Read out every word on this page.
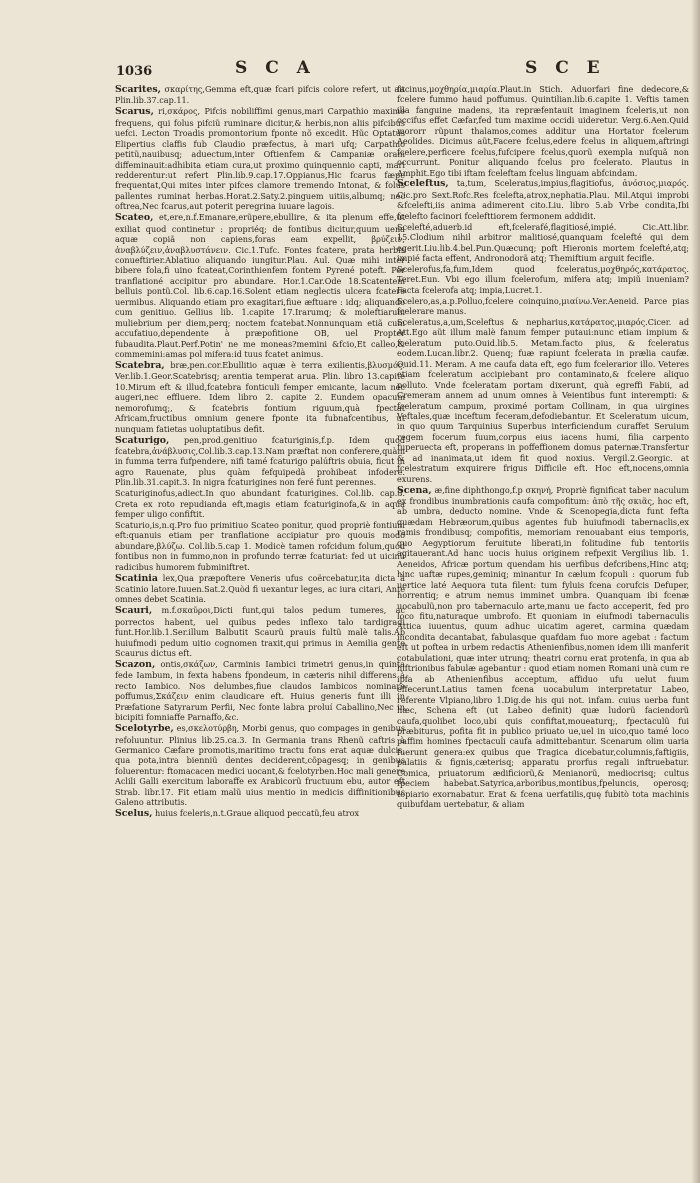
1036	S C A	S C E

Scarites, σκαρίτης,Gemma eft,quæ fcari pifcis colore refert, ut ait Plin.lib.37.cap.11.

Scarus, ri,σκάρος, Pifcis nobiliffimi genus,mari Carpathio maxime frequens, qui folus pifciũ ruminare dicitur,& herbis,non aliis pifcibus uefci. Lecton Troadis promontorium fponte nõ excedit. Hũc Optatus Elipertius claffis fub Claudio præfectus, à mari ufq; Carpathio petitũ,nauibusq; aduectum,inter Oftienfem & Campaniæ oram diffeminauit:adhibita etiam cura,ut proximo quinquennio capti, mari redderentur:ut refert Plin.lib.9.cap.17.Oppianus,Hic fcarus fæpe frequentat,Qui mites inter pifces clamore tremendo Intonat, & folus pallentes ruminat herbas.Horat.2.Saty.2.pinguem uitiis,albumq; nec oftrea,Nec fcarus,aut poterit peregrina iuuare lagois.

Scateo, et,ere,n.f.Emanare,erũpere,ebullire, & ita plenum effe,ut exiliat quod continetur : propriéq; de fontibus dicitur,quum uena aquæ copiã non capiens,foras eam expellit, βρύζειν, ἀναβλύζειν,ἀναβλυστάνειν. Cic.1.Tufc. Fontes fcatere, prata herbis conueftirier.Ablatiuo aliquando iungitur.Plau. Aul. Quæ mihi inter bibere fola,fi uino fcateat,Corinthienfem fontem Pyrené poteft. Per tranflationé accipitur pro abundare. Hor.1.Car.Ode 18.Scatentem belluis pontũ.Col. lib.6.cap.16.Solent etiam neglectis ulcera fcatere uermibus. Aliquando etiam pro exagitari,fiue æftuare : idq; aliquando cum genitiuo. Gellius lib. 1.capite 17.Irarumq; & moleftiarum muliebrium per diem,perq; noctem fcatebat.Nonnunquam etiã cum accufatiuo,dependente à præpofitione OB, uel Propter fubaudita.Plaut.Perf.Potin' ne me moneas?memini &fcio,Et calleo,& commemini:amas pol mifera:id tuus fcatet animus.

Scatebra, bræ,pen.cor.Ebullitio aquæ è terra exilientis,βλυσμός. Ver.lib.1.Geor.Scatebrisq; arentia temperat arua. Plin. libro 13.capite 10.Mirum eft & illud,fcatebra fonticuli femper emicante, lacum nec augeri,nec effluere. Idem libro 2. capite 2. Eundem opacum nemorofumq;, & fcatebris fontium riguum,quà fpectat Africam,fructibus omnium genere fponte ita fubnafcentibus, ut nunquam fatietas uoluptatibus defit.

Scaturigo, pen,prod.genitiuo fcaturiginis,f.p. Idem quod fcatebra,ἀνάβλυσις,Col.lib.3.cap.13.Nam præftat non conferere,quàm in fumma terra fufpendere, nifi tamé fcaturigo palúftris obuia, ficut in agro Rauenate, plus quàm fefquipedà prohibeat infodere. Plin.lib.31.capit.3. In nigra fcaturigines non feré funt perennes.

Scaturiginofus,adiect.In quo abundant fcaturigines. Col.lib. cap.8. Creta ex roto repudianda eft,magis etiam fcaturiginofa,& in aqua femper uligo confiftit.

Scaturio,is,n.q.Pro fuo primitiuo Scateo ponitur, quod propriè fontium eft:quanuis etiam per tranflatione accipiatur pro quouis modo abundare,βλύζω. Col.lib.5.cap 1. Modicè tamen rofcidum folum,quod fontibus non in fummo,non in profundo terræ fcaturiat: fed ut uicinũ radicibus humorem fubminiftret.

Scatinia lex,Qua præpoftere Veneris ufus coërcebatur,ita dicta à Scatinio latore.Iuuen.Sat.2.Quòd fi uexantur leges, ac iura citari, Ante omnes debet Scatinia.

Scauri, m.f.σκαῦροι,Dicti funt,qui talos pedum tumeres, ac porrectos habent, uel quibus pedes inflexo talo tardigradi funt.Hor.lib.1.Ser.illum Balbutit Scaurũ prauis fultũ malè talis.Ab huiufmodi pedum uitio cognomen traxit,qui primus in Aemilia gente Scaurus dictus eft.

Scazon, ontis,σκάζων, Carminis Iambici trimetri genus,in quinta fede Iambum, in fexta habens fpondeum, in cæteris nihil differens à recto Iambico. Nos delumbes,fiue claudos Iambicos nominare poffumus,Σκάζειν enim claudicare eft. Huius generis funt illi in Præfatione Satyrarum Perfii, Nec fonte labra proluí Caballino,Nec in bicipiti fomniaffe Parnaffo,&c.

Scelotyrbe, es,σκελοτύρβη, Morbi genus, quo compages in genibus refoluuntur. Plinius lib.25.ca.3. In Germania trans Rhenũ caftris à Germanico Cæfare promotis,maritimo tractu fons erat aquæ dulcis, qua pota,intra bienniũ dentes deciderent,cõpagesq; in genibus foluerentur: ftomacacen medici uocant,& fcelotyrben.Hoc mali genere Aclili Galli exercitum laboraffe ex Arabicorũ fructuum ebu, autor eft Strab. libr.17. Fit etiam malũ uius mentio in medicis diffinitionibus Galeno attributis.

Scelus, huius fceleris,n.t.Graue aliquod peccatũ,feu atrox

facinus,μοχθηρία,μιαρία.Plaut.in Stich. Aduorfari fine dedecore,& fcelere fummo haud poffumus. Quintilian.lib.6.capite 1. Veftis tamen illa fanguine madens, ita repræfentauit imaginem fceleris,ut non occifus effet Cæfar,fed tum maxime occidi uideretur. Verg.6.Aen.Quid mororr rũpunt thalamos,comes additur una Hortator fcelerum Aeolides. Dicimus aũt,Facere fcelus,edere fcelus in aliquem,aftringi fcelere,perficere fcelus,fufcipere fcelus,quorũ exempla nuſquã non occurrunt. Ponitur aliquando fcelus pro fcelerato. Plautus in Amphit.Ego tibi iftam fceleftam fcelus linguam abfcindam.

Sceleftus, ta,tum, Sceleratus,impius,flagitiofus, ἀνόσιος,μιαρός. Cic.pro Sext.Rofc.Res fcelefta,atrox,nephatia.Plau. Mil.Atqui improbi &fcelefti,iis anima adimerent cito.Liu. libro 5.ab Vrbe condita,Ibi fcelefto facinori fcelefttiorem fermonem addidit.

Scelefté,aduerb.id eft,fcelerafé,flagitiosé,impié. Cic.Att.libr. 15.Clodium nihil arbitror malitiosé,quanquam fcelefté qui dem egerit.Liu.lib.4.bel.Pun.Quæcunq; poft Hieronis mortem fcelefté,atq; impié facta effent, Andronodorã atq; Themiftium arguit fecifle.

Scelerofus,fa,fum,Idem quod fceleratus,μοχθηρός,κατάρατος. Teret.Eun. Vbi ego illum fcelerofum, mifera atq; impiũ inueniam? Facta fcelerofa atq; impia,Lucret.1.

Scelero,as,a.p.Polluo,fcelere coinquino,μιαίνω.Ver.Aeneid. Parce pias fcelerare manus.

Sceleratus,a,um,Sceleftus & nepharius,κατάρατος,μιαρός.Cicer. ad Att.Ego aũt illum malè fanum femper putaui:nunc etiam impium & fceleratum puto.Ouid.lib.5. Metam.facto pius, & fceleratus eodem.Lucan.libr.2. Quenq; fuæ rapiunt fcelerata in prælia caufæ. Ouid.11. Meram. A me caufa data eft, ego fum fcelerarior illo. Veteres etiam fceleratum accipiebant pro contaminato,& fcelere aliquo polluto. Vnde fceleratam portam dixerunt, quà egreffi Fabii, ad Cremeram annem ad unum omnes à Veientibus funt interempti: & fceleratum campum, proximé portam Collinam, in qua uirgines Veftales,quæ inceftum feceram,defodiebantur. Et Sceleratum uicum, in quo quum Tarquinius Superbus interficiendum curaffet Seruium regem focerum fuum,corpus eius iacens humi, filia carpento fuperuecta eft, properans in poffeffionem domus paternæ.Transfertur & ad inanimata,ut idem fit quod noxius. Vergil.2.Georgic. at fcelestratum exquirere frigus Difficile eft. Hoc eft,nocens,omnia exurens.

Scena, æ,fine diphthongo,f.p σκηνή, Propriè fignificat taber naculum ex frondibus inumbrationis caufa compofitum: ἀπὸ τῆς σκιᾶς, hoc eft, ab umbra, deducto nomine. Vnde & Scenopegia,dicta funt fefta quædam Hebræorum,quibus agentes fub huiufmodi tabernaclis,ex ramis frondibusq; compofitis, memoriam renouabant eius temporis, quo Aegyptiorum feruitute liberati,in folitudine fub tentoriis agitauerant.Ad hanc uocis huius originem refpexit Vergilius lib. 1. Aeneidos, Africæ portum quendam his uerfibus defcribens,Hinc atq; hinc uaftæ rupes,geminiq; minantur In cælum fcopuli : quorum fub uertice laté Aequora tuta filent: tum fyluis fcena corufcis Defuper, horrentiq; e atrum nemus imminet umbra. Quanquam ibi fcenæ uocabulũ,non pro tabernaculo arte,manu ue facto acceperit, fed pro loco fitu,naturaque umbrofo. Et quoniam in eiufmodi tabernaculis Attica iuuentus, quum adhuc uicatim ageret, carmina quædam incondita decantabat, fabulasque quafdam fuo more agebat : factum eft ut poftea in urbem redactis Athenienfibus,nomen idem illi manferit cotabulationi, quæ inter utrunq; theatri cornu erat protenfa, in qua ab hiftrionibus fabulæ agebantur : quod etiam nomen Romani unà cum re ipfa ab Athenienfibus acceptum, affiduo ufu uelut fuum effecerunt.Latius tamen fcena uocabulum interpretatur Labeo, referente Vlpiano,libro 1.Dig.de his qui not. infam. cuius uerba funt hæc, Schena eft (ut Labeo definit) quæ ludorũ faciendorũ caufa,quolibet loco,ubi quis confiftat,moueaturq;, fpectaculũ fui præbiturus, pofita fit in publico priuato ue,uel in uico,quo tamé loco paffim homines fpectaculi caufa admittebantur. Scenarum olim uaria fuerunt genera:ex quibus que Tragica dicebatur,columnis,faftigiis, palatiis & fignis,cæterisq; apparatu prorfus regali inftruebatur. Comica, priuatorum ædificiorũ,& Menianorũ, mediocrisq; cultus fpeciem habebat.Satyrica,arboribus,montibus,fpeluncis, operosq; topiario exornabatur. Erat & fcena uerfatilis,quę fubitò tota machinis quibufdam uertebatur, & aliam
